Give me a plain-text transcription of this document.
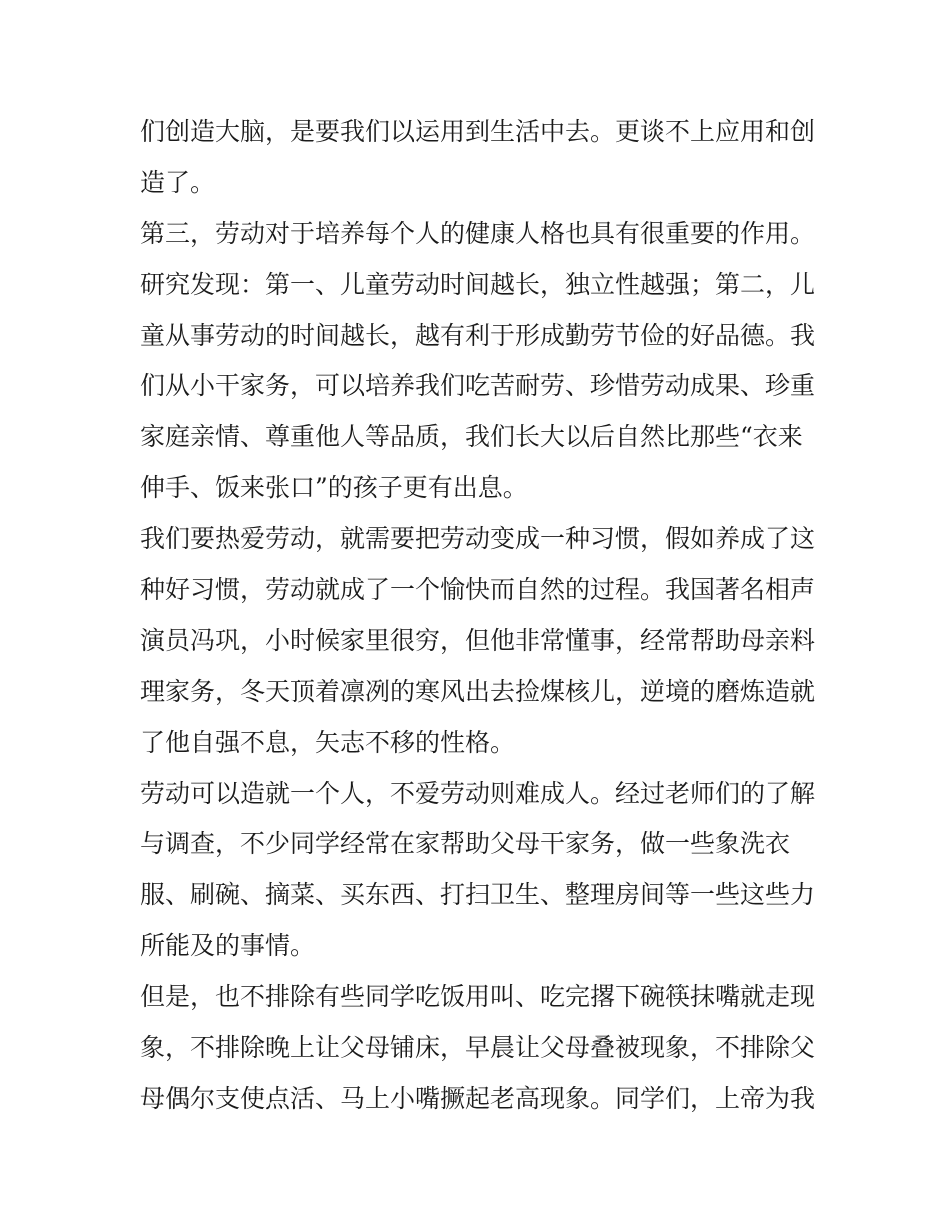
们创造大脑，是要我们以运用到生活中去。更谈不上应用和创
造了。
第三，劳动对于培养每个人的健康人格也具有很重要的作用。
研究发现：第一、儿童劳动时间越长，独立性越强；第二，儿
童从事劳动的时间越长，越有利于形成勤劳节俭的好品德。我
们从小干家务，可以培养我们吃苦耐劳、珍惜劳动成果、珍重
家庭亲情、尊重他人等品质，我们长大以后自然比那些“衣来
伸手、饭来张口”的孩子更有出息。
我们要热爱劳动，就需要把劳动变成一种习惯，假如养成了这
种好习惯，劳动就成了一个愉快而自然的过程。我国著名相声
演员冯巩，小时候家里很穷，但他非常懂事，经常帮助母亲料
理家务，冬天顶着凛冽的寒风出去捡煤核儿，逆境的磨炼造就
了他自强不息，矢志不移的性格。
劳动可以造就一个人，不爱劳动则难成人。经过老师们的了解
与调查，不少同学经常在家帮助父母干家务，做一些象洗衣
服、刷碗、摘菜、买东西、打扫卫生、整理房间等一些这些力
所能及的事情。
但是，也不排除有些同学吃饭用叫、吃完撂下碗筷抹嘴就走现
象，不排除晚上让父母铺床，早晨让父母叠被现象，不排除父
母偶尔支使点活、马上小嘴撅起老高现象。同学们，上帝为我
